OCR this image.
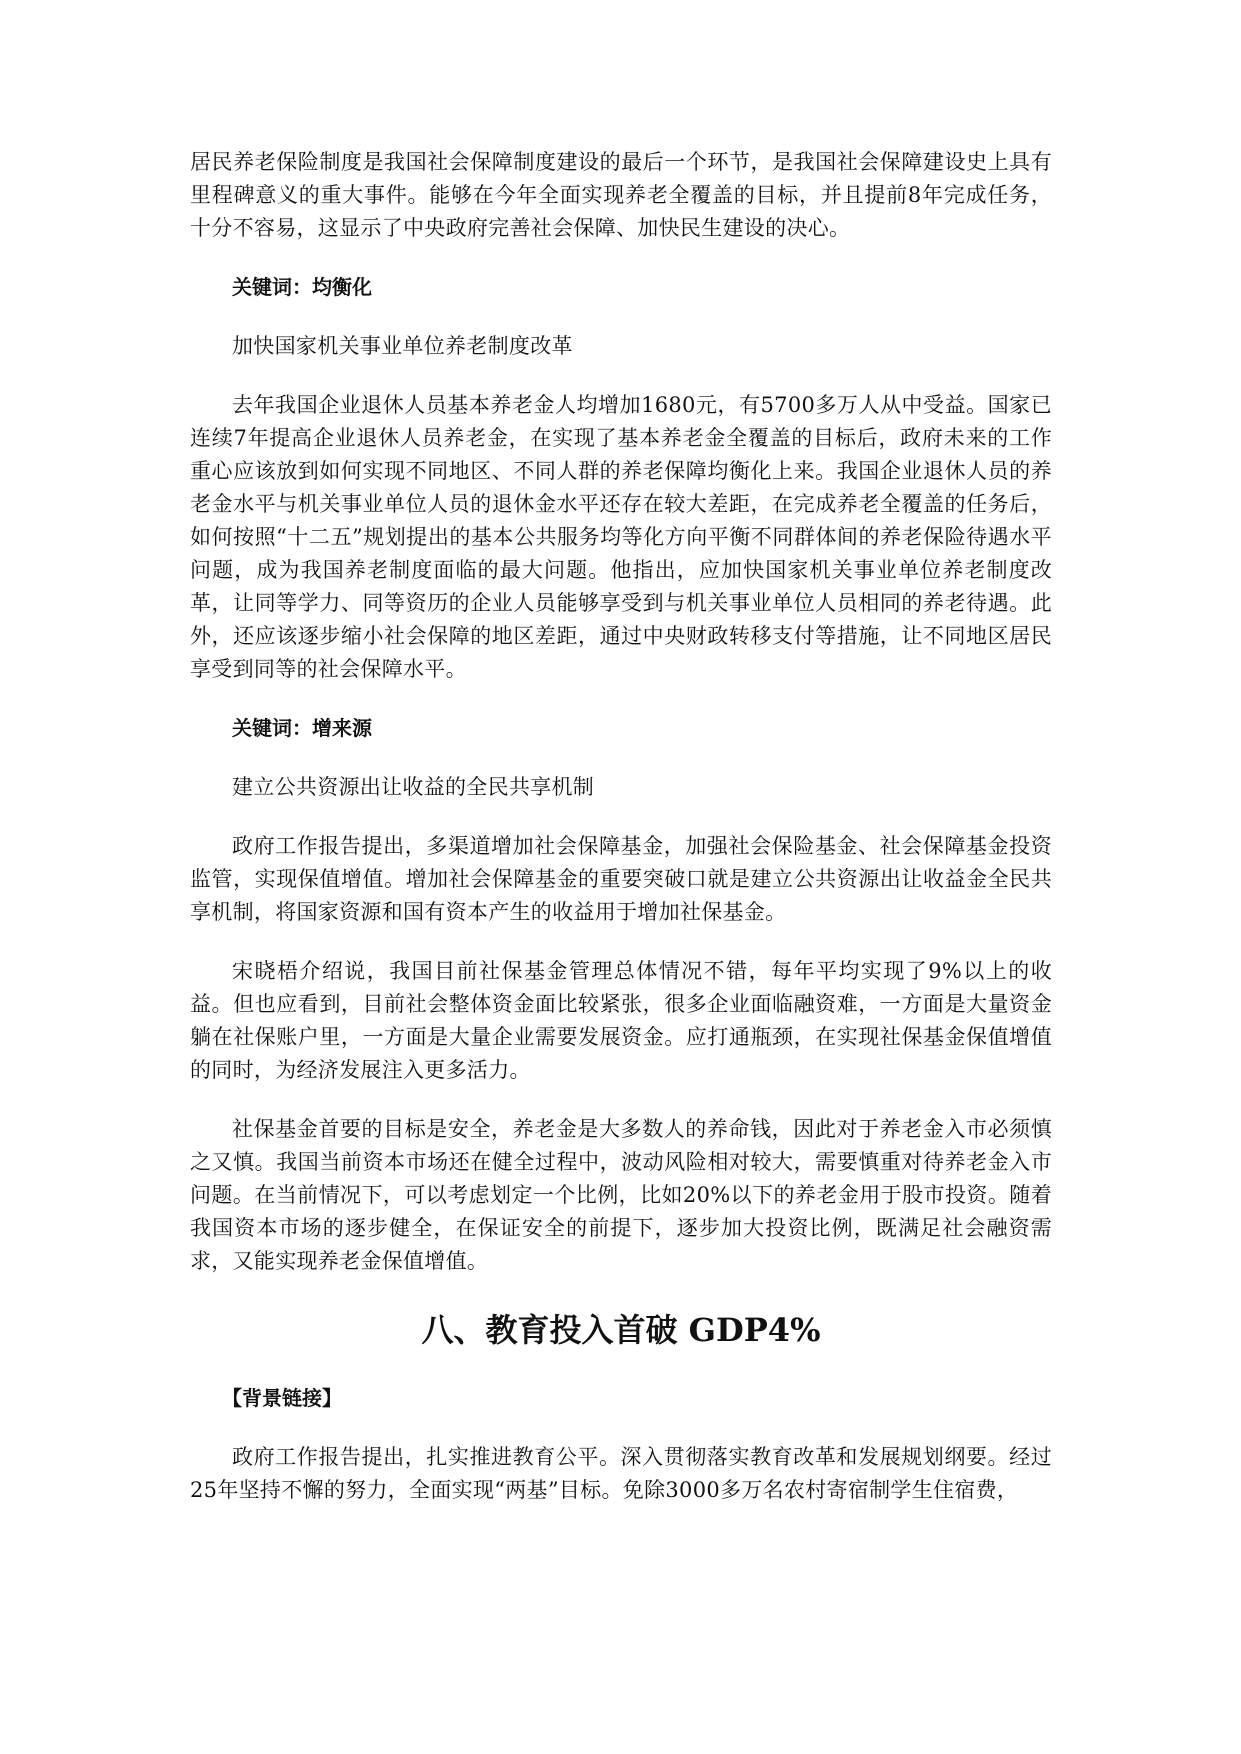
居民养老保险制度是我国社会保障制度建设的最后一个环节，是我国社会保障建设史上具有里程碑意义的重大事件。能够在今年全面实现养老全覆盖的目标，并且提前8年完成任务，十分不容易，这显示了中央政府完善社会保障、加快民生建设的决心。

关键词：均衡化

加快国家机关事业单位养老制度改革

去年我国企业退休人员基本养老金人均增加1680元，有5700多万人从中受益。国家已连续7年提高企业退休人员养老金，在实现了基本养老金全覆盖的目标后，政府未来的工作重心应该放到如何实现不同地区、不同人群的养老保障均衡化上来。我国企业退休人员的养老金水平与机关事业单位人员的退休金水平还存在较大差距，在完成养老全覆盖的任务后，如何按照“十二五”规划提出的基本公共服务均等化方向平衡不同群体间的养老保险待遇水平问题，成为我国养老制度面临的最大问题。他指出，应加快国家机关事业单位养老制度改革，让同等学力、同等资历的企业人员能够享受到与机关事业单位人员相同的养老待遇。此外，还应该逐步缩小社会保障的地区差距，通过中央财政转移支付等措施，让不同地区居民享受到同等的社会保障水平。

关键词：增来源

建立公共资源出让收益的全民共享机制

政府工作报告提出，多渠道增加社会保障基金，加强社会保险基金、社会保障基金投资监管，实现保值增值。增加社会保障基金的重要突破口就是建立公共资源出让收益金全民共享机制，将国家资源和国有资本产生的收益用于增加社保基金。

宋晓梧介绍说，我国目前社保基金管理总体情况不错，每年平均实现了9%以上的收益。但也应看到，目前社会整体资金面比较紧张，很多企业面临融资难，一方面是大量资金躺在社保账户里，一方面是大量企业需要发展资金。应打通瓶颈，在实现社保基金保值增值的同时，为经济发展注入更多活力。

社保基金首要的目标是安全，养老金是大多数人的养命钱，因此对于养老金入市必须慎之又慎。我国当前资本市场还在健全过程中，波动风险相对较大，需要慎重对待养老金入市问题。在当前情况下，可以考虑划定一个比例，比如20%以下的养老金用于股市投资。随着我国资本市场的逐步健全，在保证安全的前提下，逐步加大投资比例，既满足社会融资需求，又能实现养老金保值增值。

八、教育投入首破 GDP4%

【背景链接】

政府工作报告提出，扎实推进教育公平。深入贯彻落实教育改革和发展规划纲要。经过25年坚持不懈的努力，全面实现“两基”目标。免除3000多万名农村寄宿制学生住宿费，
